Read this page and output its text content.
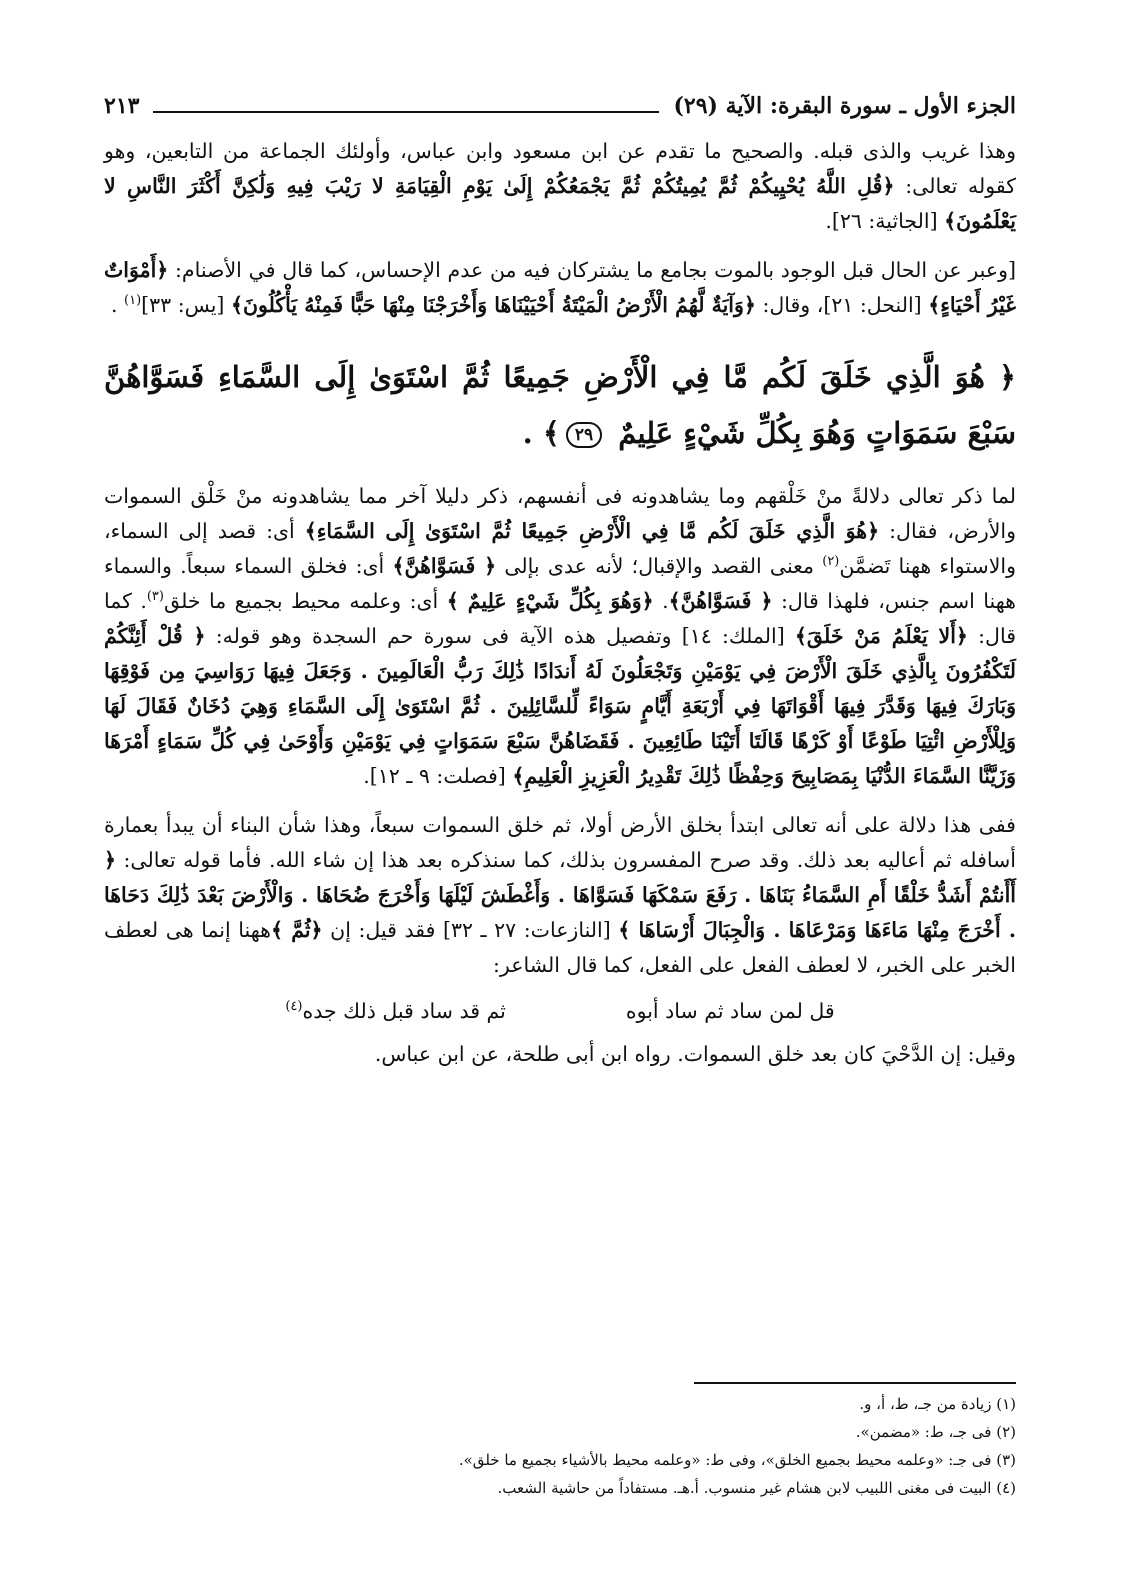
الجزء الأول ـ سورة البقرة: الآية (٢٩)
٢١٣

وهذا غريب والذى قبله. والصحيح ما تقدم عن ابن مسعود وابن عباس، وأولئك الجماعة من التابعين، وهو كقوله تعالى: ﴿قُلِ اللَّهُ يُحْيِيكُمْ ثُمَّ يُمِيتُكُمْ ثُمَّ يَجْمَعُكُمْ إِلَىٰ يَوْمِ الْقِيَامَةِ لا رَيْبَ فِيهِ وَلَٰكِنَّ أَكْثَرَ النَّاسِ لا يَعْلَمُونَ﴾ [الجاثية: ٢٦].

[وعبر عن الحال قبل الوجود بالموت بجامع ما يشتركان فيه من عدم الإحساس، كما قال في الأصنام: ﴿أَمْوَاتٌ غَيْرُ أَحْيَاءٍ﴾ [النحل: ٢١]، وقال: ﴿وَآيَةٌ لَّهُمُ الْأَرْضُ الْمَيْتَةُ أَحْيَيْنَاهَا وَأَخْرَجْنَا مِنْهَا حَبًّا فَمِنْهُ يَأْكُلُونَ﴾ [يس: ٣٣]$^{(١)}$ .

﴿ هُوَ الَّذِي خَلَقَ لَكُم مَّا فِي الْأَرْضِ جَمِيعًا ثُمَّ اسْتَوَىٰ إِلَى السَّمَاءِ فَسَوَّاهُنَّ سَبْعَ سَمَوَاتٍ وَهُوَ بِكُلِّ شَيْءٍ عَلِيمٌ ٢٩﴾ .

لما ذكر تعالى دلالةً منْ خَلْقهم وما يشاهدونه فى أنفسهم، ذكر دليلا آخر مما يشاهدونه منْ خَلْق السموات والأرض، فقال: ﴿هُوَ الَّذِي خَلَقَ لَكُم مَّا فِي الْأَرْضِ جَمِيعًا ثُمَّ اسْتَوَىٰ إِلَى السَّمَاءِ﴾ أى: قصد إلى السماء، والاستواء ههنا تَضمَّن$^{(٢)}$ معنى القصد والإقبال؛ لأنه عدى بإلى ﴿ فَسَوَّاهُنَّ﴾ أى: فخلق السماء سبعاً. والسماء ههنا اسم جنس، فلهذا قال: ﴿ فَسَوَّاهُنَّ﴾. ﴿وَهُوَ بِكُلِّ شَيْءٍ عَلِيمٌ ﴾ أى: وعلمه محيط بجميع ما خلق$^{(٣)}$. كما قال: ﴿أَلا يَعْلَمُ مَنْ خَلَقَ﴾ [الملك: ١٤] وتفصيل هذه الآية فى سورة حم السجدة وهو قوله: ﴿ قُلْ أَئِنَّكُمْ لَتَكْفُرُونَ بِالَّذِي خَلَقَ الْأَرْضَ فِي يَوْمَيْنِ وَتَجْعَلُونَ لَهُ أَندَادًا ذَٰلِكَ رَبُّ الْعَالَمِينَ . وَجَعَلَ فِيهَا رَوَاسِيَ مِن فَوْقِهَا وَبَارَكَ فِيهَا وَقَدَّرَ فِيهَا أَقْوَاتَهَا فِي أَرْبَعَةِ أَيَّامٍ سَوَاءً لِّلسَّائِلِينَ . ثُمَّ اسْتَوَىٰ إِلَى السَّمَاءِ وَهِيَ دُخَانٌ فَقَالَ لَهَا وَلِلْأَرْضِ ائْتِيَا طَوْعًا أَوْ كَرْهًا قَالَتَا أَتَيْنَا طَائِعِينَ . فَقَضَاهُنَّ سَبْعَ سَمَوَاتٍ فِي يَوْمَيْنِ وَأَوْحَىٰ فِي كُلِّ سَمَاءٍ أَمْرَهَا وَزَيَّنَّا السَّمَاءَ الدُّنْيَا بِمَصَابِيحَ وَحِفْظًا ذَٰلِكَ تَقْدِيرُ الْعَزِيزِ الْعَلِيمِ﴾ [فصلت: ٩ ـ ١٢].

ففى هذا دلالة على أنه تعالى ابتدأ بخلق الأرض أولا، ثم خلق السموات سبعاً، وهذا شأن البناء أن يبدأ بعمارة أسافله ثم أعاليه بعد ذلك. وقد صرح المفسرون بذلك، كما سنذكره بعد هذا إن شاء الله. فأما قوله تعالى: ﴿ أَأَنتُمْ أَشَدُّ خَلْقًا أَمِ السَّمَاءُ بَنَاهَا . رَفَعَ سَمْكَهَا فَسَوَّاهَا . وَأَغْطَشَ لَيْلَهَا وَأَخْرَجَ ضُحَاهَا . وَالْأَرْضَ بَعْدَ ذَٰلِكَ دَحَاهَا . أَخْرَجَ مِنْهَا مَاءَهَا وَمَرْعَاهَا . وَالْجِبَالَ أَرْسَاهَا ﴾ [النازعات: ٢٧ ـ ٣٢] فقد قيل: إن ﴿ثُمَّ ﴾ههنا إنما هى لعطف الخبر على الخبر، لا لعطف الفعل على الفعل، كما قال الشاعر:

قل لمن ساد ثم ساد أبوه
ثم قد ساد قبل ذلك جده$^{(٤)}$

وقيل: إن الدَّحْيَ كان بعد خلق السموات. رواه ابن أبى طلحة، عن ابن عباس.

(١) زيادة من جـ، ط، أ، و.
(٢) فى جـ، ط: «مضمن».
(٣) فى جـ: «وعلمه محيط بجميع الخلق»، وفى ط: «وعلمه محيط بالأشياء بجميع ما خلق».
(٤) البيت فى مغنى اللبيب لابن هشام غير منسوب. أ.هـ. مستفاداً من حاشية الشعب.
